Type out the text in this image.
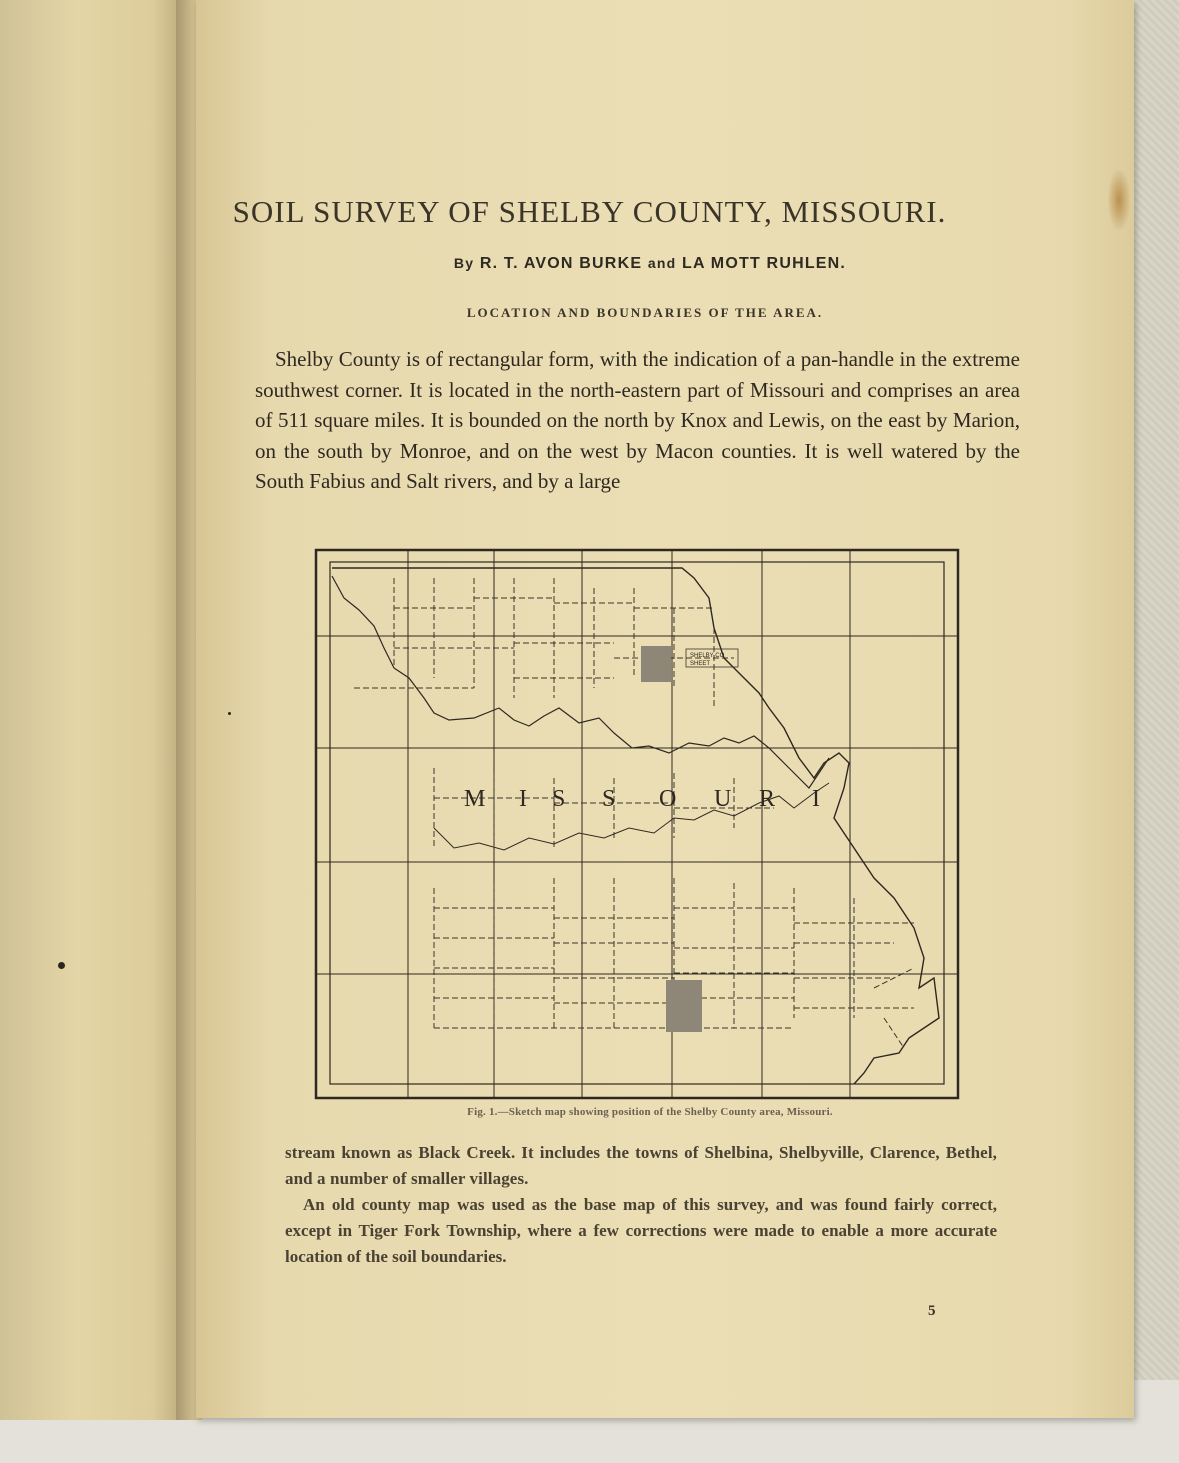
SOIL SURVEY OF SHELBY COUNTY, MISSOURI.
By R. T. AVON BURKE and LA MOTT RUHLEN.
LOCATION AND BOUNDARIES OF THE AREA.
Shelby County is of rectangular form, with the indication of a pan-handle in the extreme southwest corner. It is located in the north-eastern part of Missouri and comprises an area of 511 square miles. It is bounded on the north by Knox and Lewis, on the east by Marion, on the south by Monroe, and on the west by Macon counties. It is well watered by the South Fabius and Salt rivers, and by a large
SHELBY CO
SHEET
M I S S O U R I
Fig. 1.—Sketch map showing position of the Shelby County area, Missouri.
stream known as Black Creek. It includes the towns of Shelbina, Shelbyville, Clarence, Bethel, and a number of smaller villages.
An old county map was used as the base map of this survey, and was found fairly correct, except in Tiger Fork Township, where a few corrections were made to enable a more accurate location of the soil boundaries.
5
